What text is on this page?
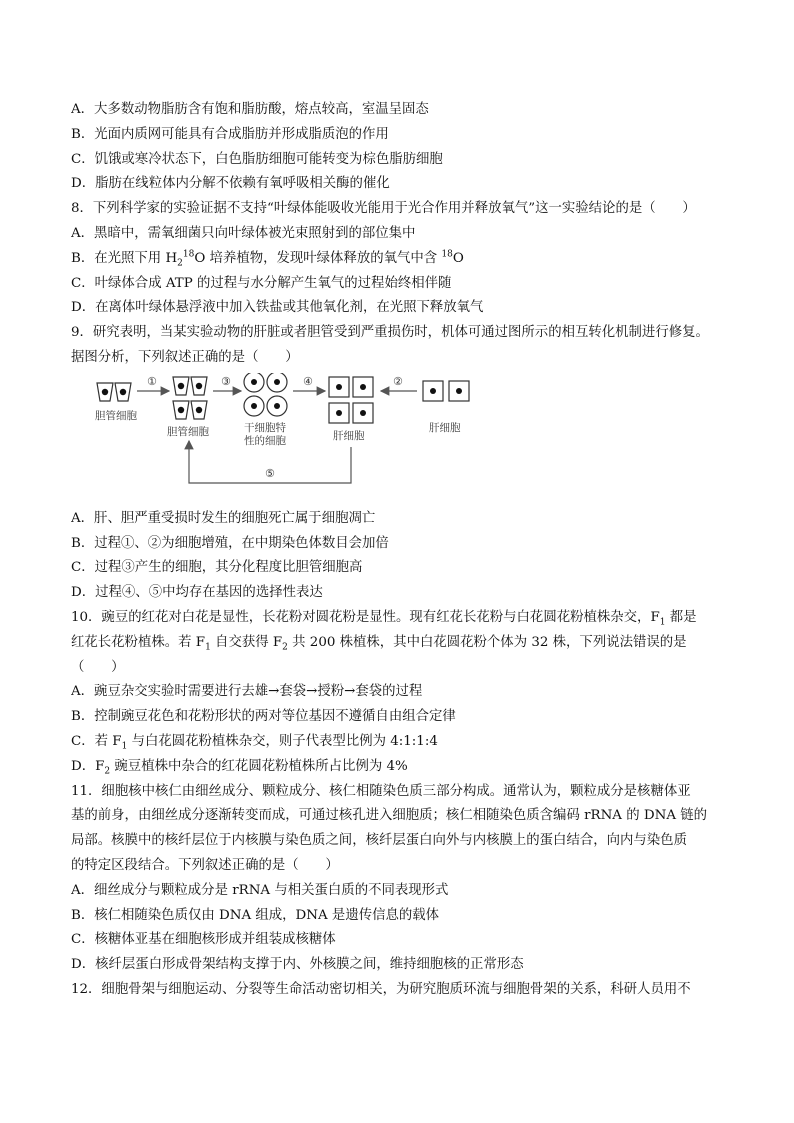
A．大多数动物脂肪含有饱和脂肪酸，熔点较高，室温呈固态
B．光面内质网可能具有合成脂肪并形成脂质泡的作用
C．饥饿或寒冷状态下，白色脂肪细胞可能转变为棕色脂肪细胞
D．脂肪在线粒体内分解不依赖有氧呼吸相关酶的催化
8．下列科学家的实验证据不支持“叶绿体能吸收光能用于光合作用并释放氧气”这一实验结论的是（　　）
A．黑暗中，需氧细菌只向叶绿体被光束照射到的部位集中
B．在光照下用 $H_2^{18}O$ 培养植物，发现叶绿体释放的氧气中含 $^{18}$O
C．叶绿体合成 ATP 的过程与水分解产生氧气的过程始终相伴随
D．在离体叶绿体悬浮液中加入铁盐或其他氧化剂，在光照下释放氧气
9．研究表明，当某实验动物的肝脏或者胆管受到严重损伤时，机体可通过图所示的相互转化机制进行修复。
据图分析，下列叙述正确的是（　　）
胆管细胞
①
胆管细胞
③
干细胞特
性的细胞
④
肝细胞
②
肝细胞
⑤
A．肝、胆严重受损时发生的细胞死亡属于细胞凋亡
B．过程①、②为细胞增殖，在中期染色体数目会加倍
C．过程③产生的细胞，其分化程度比胆管细胞高
D．过程④、⑤中均存在基因的选择性表达
10．豌豆的红花对白花是显性，长花粉对圆花粉是显性。现有红花长花粉与白花圆花粉植株杂交，$F_1$ 都是
红花长花粉植株。若 $F_1$ 自交获得 $F_2$ 共 200 株植株，其中白花圆花粉个体为 32 株，下列说法错误的是
（　　）
A．豌豆杂交实验时需要进行去雄→套袋→授粉→套袋的过程
B．控制豌豆花色和花粉形状的两对等位基因不遵循自由组合定律
C．若 $F_1$ 与白花圆花粉植株杂交，则子代表型比例为 4:1:1:4
D．$F_2$ 豌豆植株中杂合的红花圆花粉植株所占比例为 4%
11．细胞核中核仁由细丝成分、颗粒成分、核仁相随染色质三部分构成。通常认为，颗粒成分是核糖体亚
基的前身，由细丝成分逐渐转变而成，可通过核孔进入细胞质；核仁相随染色质含编码 rRNA 的 DNA 链的
局部。核膜中的核纤层位于内核膜与染色质之间，核纤层蛋白向外与内核膜上的蛋白结合，向内与染色质
的特定区段结合。下列叙述正确的是（　　）
A．细丝成分与颗粒成分是 rRNA 与相关蛋白质的不同表现形式
B．核仁相随染色质仅由 DNA 组成，DNA 是遗传信息的载体
C．核糖体亚基在细胞核形成并组装成核糖体
D．核纤层蛋白形成骨架结构支撑于内、外核膜之间，维持细胞核的正常形态
12．细胞骨架与细胞运动、分裂等生命活动密切相关，为研究胞质环流与细胞骨架的关系，科研人员用不
